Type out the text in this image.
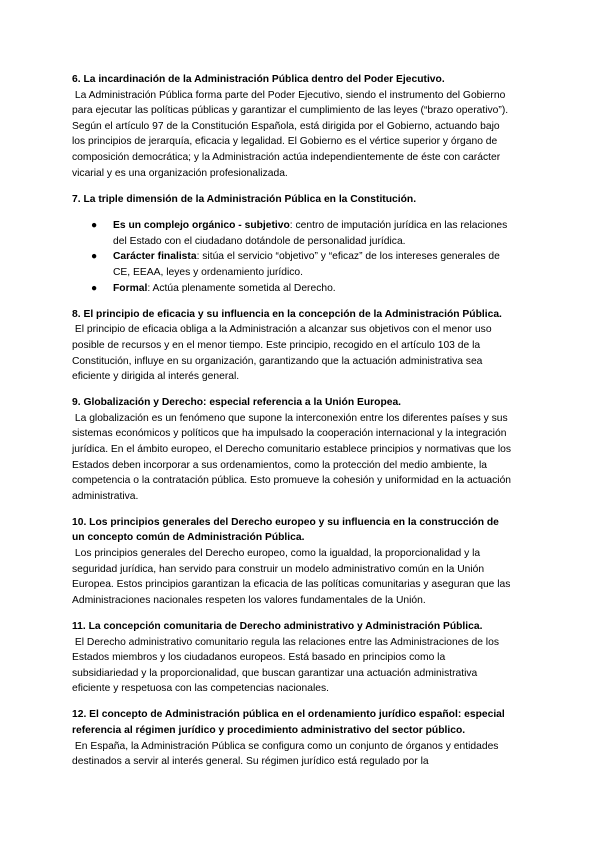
6. La incardinación de la Administración Pública dentro del Poder Ejecutivo.

La Administración Pública forma parte del Poder Ejecutivo, siendo el instrumento del Gobierno para ejecutar las políticas públicas y garantizar el cumplimiento de las leyes (“brazo operativo”). Según el artículo 97 de la Constitución Española, está dirigida por el Gobierno, actuando bajo los principios de jerarquía, eficacia y legalidad. El Gobierno es el vértice superior y órgano de composición democrática; y la Administración actúa independientemente de éste con carácter vicarial y es una organización profesionalizada.

7. La triple dimensión de la Administración Pública en la Constitución.

● Es un complejo orgánico - subjetivo: centro de imputación jurídica en las relaciones del Estado con el ciudadano dotándole de personalidad jurídica.
● Carácter finalista: sitúa el servicio “objetivo” y “eficaz” de los intereses generales de CE, EEAA, leyes y ordenamiento jurídico.
● Formal: Actúa plenamente sometida al Derecho.

8. El principio de eficacia y su influencia en la concepción de la Administración Pública.

El principio de eficacia obliga a la Administración a alcanzar sus objetivos con el menor uso posible de recursos y en el menor tiempo. Este principio, recogido en el artículo 103 de la Constitución, influye en su organización, garantizando que la actuación administrativa sea eficiente y dirigida al interés general.

9. Globalización y Derecho: especial referencia a la Unión Europea.

La globalización es un fenómeno que supone la interconexión entre los diferentes países y sus sistemas económicos y políticos que ha impulsado la cooperación internacional y la integración jurídica. En el ámbito europeo, el Derecho comunitario establece principios y normativas que los Estados deben incorporar a sus ordenamientos, como la protección del medio ambiente, la competencia o la contratación pública. Esto promueve la cohesión y uniformidad en la actuación administrativa.

10. Los principios generales del Derecho europeo y su influencia en la construcción de un concepto común de Administración Pública.

Los principios generales del Derecho europeo, como la igualdad, la proporcionalidad y la seguridad jurídica, han servido para construir un modelo administrativo común en la Unión Europea. Estos principios garantizan la eficacia de las políticas comunitarias y aseguran que las Administraciones nacionales respeten los valores fundamentales de la Unión.

11. La concepción comunitaria de Derecho administrativo y Administración Pública.

El Derecho administrativo comunitario regula las relaciones entre las Administraciones de los Estados miembros y los ciudadanos europeos. Está basado en principios como la subsidiariedad y la proporcionalidad, que buscan garantizar una actuación administrativa eficiente y respetuosa con las competencias nacionales.

12. El concepto de Administración pública en el ordenamiento jurídico español: especial referencia al régimen jurídico y procedimiento administrativo del sector público.

En España, la Administración Pública se configura como un conjunto de órganos y entidades destinados a servir al interés general. Su régimen jurídico está regulado por la
